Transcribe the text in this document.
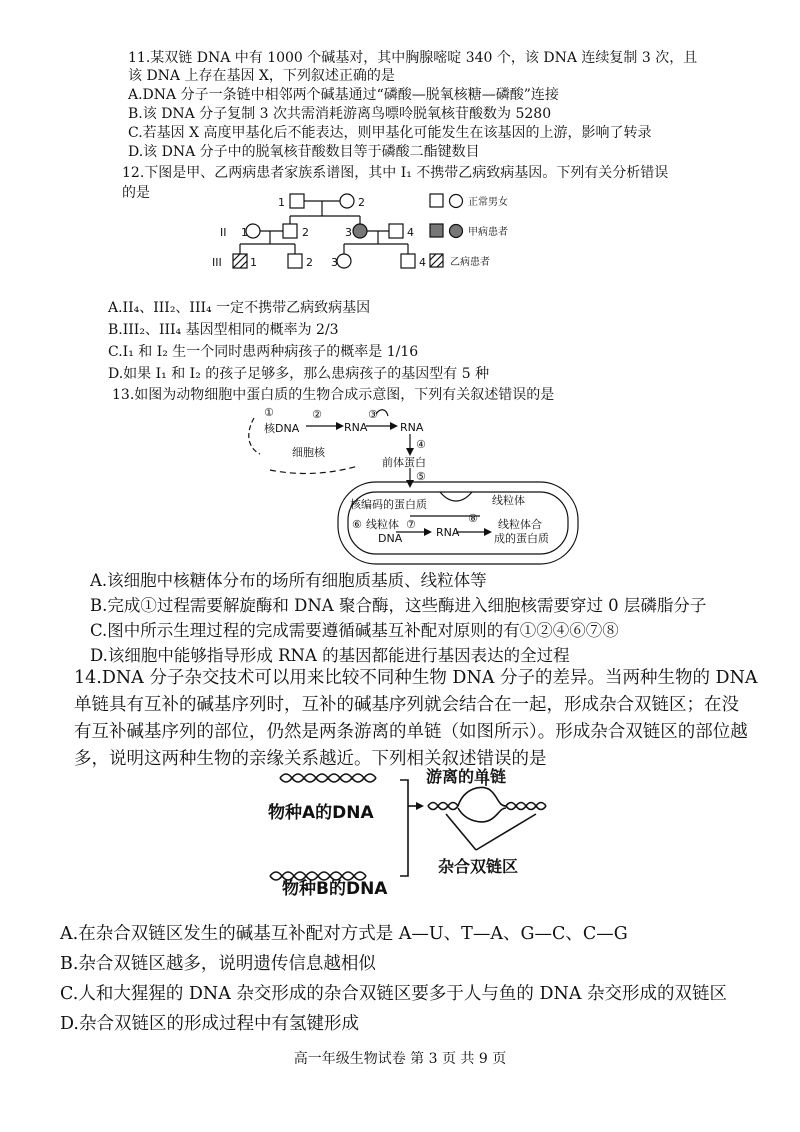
11.某双链 DNA 中有 1000 个碱基对，其中胸腺嘧啶 340 个，该 DNA 连续复制 3 次，且
该 DNA 上存在基因 X，下列叙述正确的是
A.DNA 分子一条链中相邻两个碱基通过“磷酸—脱氧核糖—磷酸”连接
B.该 DNA 分子复制 3 次共需消耗游离鸟嘌呤脱氧核苷酸数为 5280
C.若基因 X 高度甲基化后不能表达，则甲基化可能发生在该基因的上游，影响了转录
D.该 DNA 分子中的脱氧核苷酸数目等于磷酸二酯键数目
12.下图是甲、乙两病患者家族系谱图，其中 I₁ 不携带乙病致病基因。下列有关分析错误
的是
II
III
1	2
1	2	3	4
1	2 3	4
正常男女
甲病患者
乙病患者
A.II₄、III₂、III₄ 一定不携带乙病致病基因
B.III₂、III₄ 基因型相同的概率为 2/3
C.I₁ 和 I₂ 生一个同时患两种病孩子的概率是 1/16
D.如果 I₁ 和 I₂ 的孩子足够多，那么患病孩子的基因型有 5 种
13.如图为动物细胞中蛋白质的生物合成示意图，下列有关叙述错误的是
①
核DNA
②
RNA
③
RNA
④
细胞核
前体蛋白
⑤
核编码的蛋白质	线粒体
⑥ 线粒体
DNA
⑦
RNA
⑧ 线粒体合
成的蛋白质
A.该细胞中核糖体分布的场所有细胞质基质、线粒体等
B.完成①过程需要解旋酶和 DNA 聚合酶，这些酶进入细胞核需要穿过 0 层磷脂分子
C.图中所示生理过程的完成需要遵循碱基互补配对原则的有①②④⑥⑦⑧
D.该细胞中能够指导形成 RNA 的基因都能进行基因表达的全过程
14.DNA 分子杂交技术可以用来比较不同种生物 DNA 分子的差异。当两种生物的 DNA
单链具有互补的碱基序列时，互补的碱基序列就会结合在一起，形成杂合双链区；在没
有互补碱基序列的部位，仍然是两条游离的单链（如图所示）。形成杂合双链区的部位越
多，说明这两种生物的亲缘关系越近。下列相关叙述错误的是
物种A的DNA
物种B的DNA
游离的单链
杂合双链区
A.在杂合双链区发生的碱基互补配对方式是 A—U、T—A、G—C、C—G
B.杂合双链区越多，说明遗传信息越相似
C.人和大猩猩的 DNA 杂交形成的杂合双链区要多于人与鱼的 DNA 杂交形成的双链区
D.杂合双链区的形成过程中有氢键形成
高一年级生物试卷 第 3 页 共 9 页
